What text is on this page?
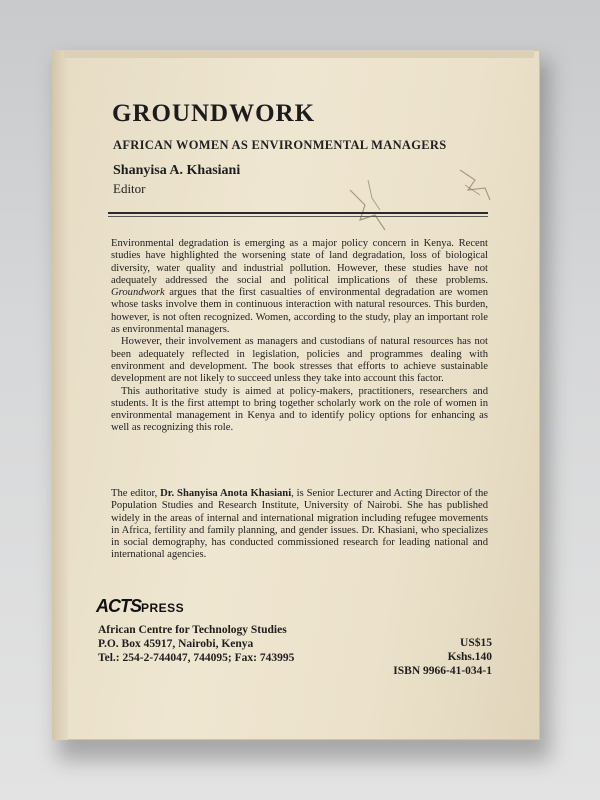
GROUNDWORK
AFRICAN WOMEN AS ENVIRONMENTAL MANAGERS

Shanyisa A. Khasiani

Editor

Environmental degradation is emerging as a major policy concern in Kenya. Recent studies have highlighted the worsening state of land degradation, loss of biological diversity, water quality and industrial pollution. However, these studies have not adequately addressed the social and political implications of these problems. Groundwork argues that the first casualties of environmental degradation are women whose tasks involve them in continuous interaction with natural resources. This burden, however, is not often recognized. Women, according to the study, play an important role as environmental managers.

However, their involvement as managers and custodians of natural resources has not been adequately reflected in legislation, policies and programmes dealing with environment and development. The book stresses that efforts to achieve sustainable development are not likely to succeed unless they take into account this factor.

This authoritative study is aimed at policy-makers, practitioners, researchers and students. It is the first attempt to bring together scholarly work on the role of women in environmental management in Kenya and to identify policy options for enhancing as well as recognizing this role.

The editor, Dr. Shanyisa Anota Khasiani, is Senior Lecturer and Acting Director of the Population Studies and Research Institute, University of Nairobi. She has published widely in the areas of internal and international migration including refugee movements in Africa, fertility and family planning, and gender issues. Dr. Khasiani, who specializes in social demography, has conducted commissioned research for leading national and international agencies.

ACTSPRESS
African Centre for Technology Studies
P.O. Box 45917, Nairobi, Kenya
Tel.: 254-2-744047, 744095; Fax: 743995
US$15
Kshs.140
ISBN 9966-41-034-1
